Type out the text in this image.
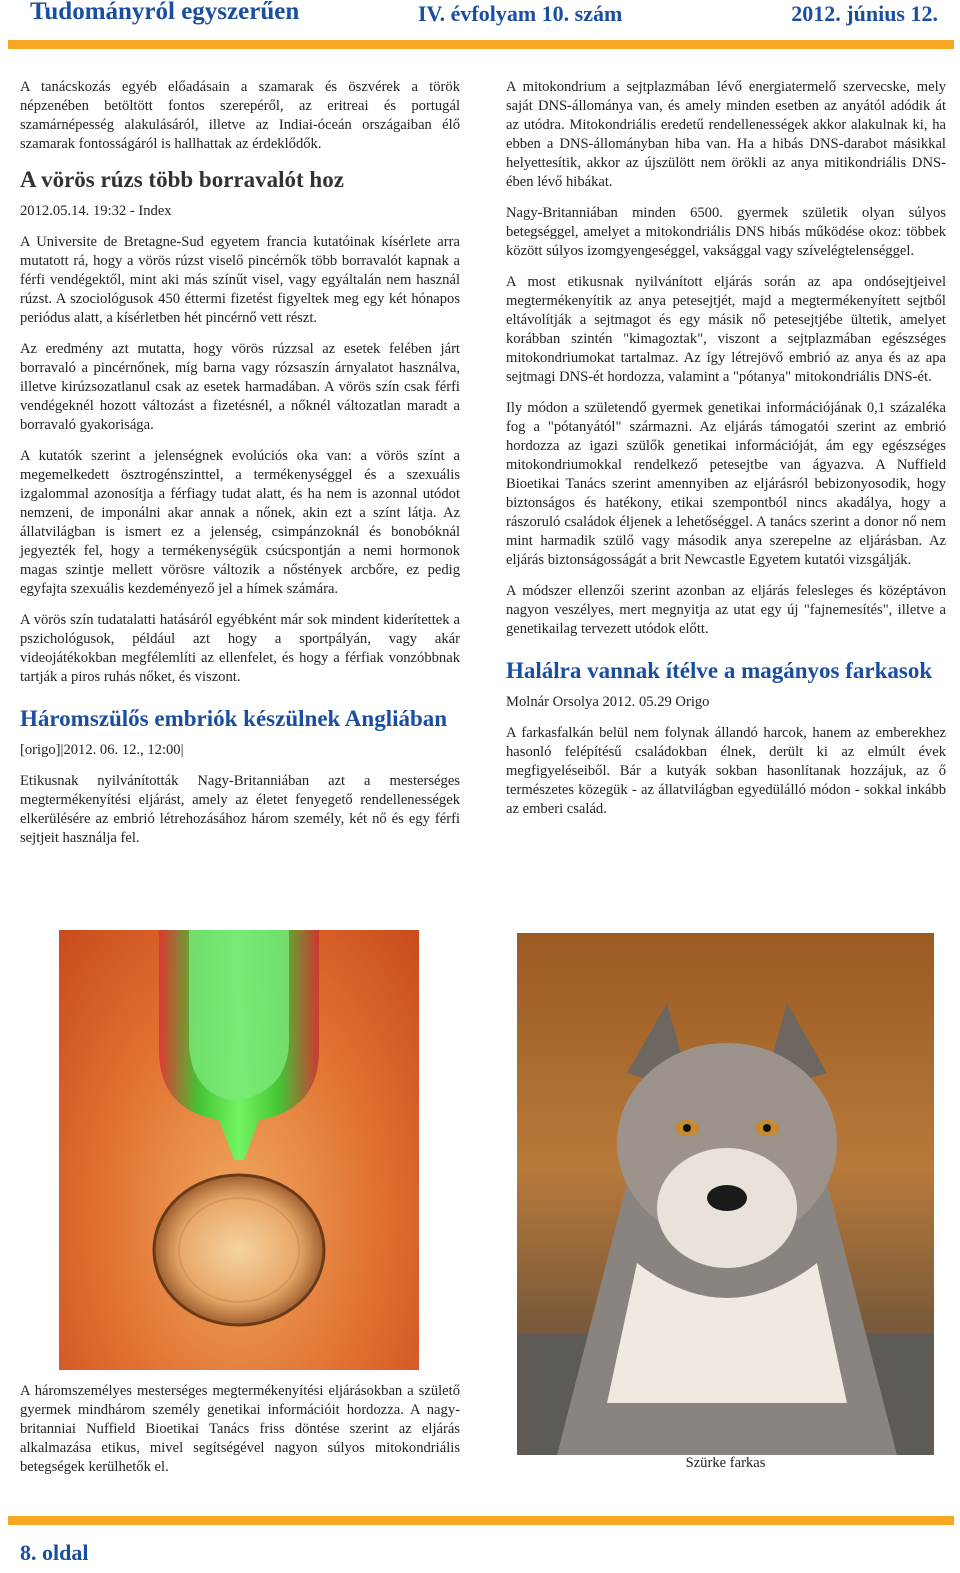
Tudományról egyszerűen	IV. évfolyam 10. szám	2012. június 12.

A tanácskozás egyéb előadásain a szamarak és öszvérek a török népzenében betöltött fontos szerepéről, az eritreai és portugál szamárnépesség alakulásáról, illetve az Indiai-óceán országaiban élő szamarak fontosságáról is hallhattak az érdeklődők.

A vörös rúzs több borravalót hoz
2012.05.14. 19:32 - Index

A Universite de Bretagne-Sud egyetem francia kutatóinak kísérlete arra mutatott rá, hogy a vörös rúzst viselő pincérnők több borravalót kapnak a férfi vendégektől, mint aki más színűt visel, vagy egyáltalán nem használ rúzst. A szociológusok 450 éttermi fizetést figyeltek meg egy két hónapos periódus alatt, a kísérletben hét pincérnő vett részt.

Az eredmény azt mutatta, hogy vörös rúzzsal az esetek felében járt borravaló a pincérnőnek, míg barna vagy rózsaszín árnyalatot használva, illetve kirúzsozatlanul csak az esetek harmadában. A vörös szín csak férfi vendégeknél hozott változást a fizetésnél, a nőknél változatlan maradt a borravaló gyakorisága.

A kutatók szerint a jelenségnek evolúciós oka van: a vörös színt a megemelkedett ösztrogénszinttel, a termékenységgel és a szexuális izgalommal azonosítja a férfiagy tudat alatt, és ha nem is azonnal utódot nemzeni, de imponálni akar annak a nőnek, akin ezt a színt látja. Az állatvilágban is ismert ez a jelenség, csimpánzoknál és bonobóknál jegyezték fel, hogy a termékenységük csúcspontján a nemi hormonok magas szintje mellett vörösre változik a nőstények arcbőre, ez pedig egyfajta szexuális kezdeményező jel a hímek számára.

A vörös szín tudatalatti hatásáról egyébként már sok mindent kiderítettek a pszichológusok, például azt hogy a sportpályán, vagy akár videojátékokban megfélemlíti az ellenfelet, és hogy a férfiak vonzóbbnak tartják a piros ruhás nőket, és viszont.

Háromszülős embriók készülnek Angliában
[origo]|2012. 06. 12., 12:00|

Etikusnak nyilvánították Nagy-Britanniában azt a mesterséges megtermékenyítési eljárást, amely az életet fenyegető rendellenességek elkerülésére az embrió létrehozásához három személy, két nő és egy férfi sejtjeit használja fel.

A háromszemélyes mesterséges megtermékenyítési eljárásokban a születő gyermek mindhárom személy genetikai információit hordozza. A nagy-britanniai Nuffield Bioetikai Tanács friss döntése szerint az eljárás alkalmazása etikus, mivel segítségével nagyon súlyos mitokondriális betegségek kerülhetők el.

A mitokondrium a sejtplazmában lévő energiatermelő szervecske, mely saját DNS-állománya van, és amely minden esetben az anyától adódik át az utódra. Mitokondriális eredetű rendellenességek akkor alakulnak ki, ha ebben a DNS-állományban hiba van. Ha a hibás DNS-darabot másikkal helyettesítik, akkor az újszülött nem örökli az anya mitikondriális DNS-ében lévő hibákat.

Nagy-Britanniában minden 6500. gyermek születik olyan súlyos betegséggel, amelyet a mitokondriális DNS hibás működése okoz: többek között súlyos izomgyengeséggel, vaksággal vagy szívelégtelenséggel.

A most etikusnak nyilvánított eljárás során az apa ondósejtjeivel megtermékenyítik az anya petesejtjét, majd a megtermékenyített sejtből eltávolítják a sejtmagot és egy másik nő petesejtjébe ültetik, amelyet korábban szintén "kimagoztak", viszont a sejtplazmában egészséges mitokondriumokat tartalmaz. Az így létrejövő embrió az anya és az apa sejtmagi DNS-ét hordozza, valamint a "pótanya" mitokondriális DNS-ét.

Ily módon a születendő gyermek genetikai információjának 0,1 százaléka fog a "pótanyától" származni. Az eljárás támogatói szerint az embrió hordozza az igazi szülők genetikai információját, ám egy egészséges mitokondriumokkal rendelkező petesejtbe van ágyazva. A Nuffield Bioetikai Tanács szerint amennyiben az eljárásról bebizonyosodik, hogy biztonságos és hatékony, etikai szempontból nincs akadálya, hogy a rászoruló családok éljenek a lehetőséggel. A tanács szerint a donor nő nem mint harmadik szülő vagy második anya szerepelne az eljárásban. Az eljárás biztonságosságát a brit Newcastle Egyetem kutatói vizsgálják.

A módszer ellenzői szerint azonban az eljárás felesleges és középtávon nagyon veszélyes, mert megnyitja az utat egy új "fajnemesítés", illetve a genetikailag tervezett utódok előtt.

Halálra vannak ítélve a magányos farkasok
Molnár Orsolya 2012. 05.29 Origo

A farkasfalkán belül nem folynak állandó harcok, hanem az emberekhez hasonló felépítésű családokban élnek, derült ki az elmúlt évek megfigyeléseiből. Bár a kutyák sokban hasonlítanak hozzájuk, az ő természetes közegük - az állatvilágban egyedülálló módon - sokkal inkább az emberi család.

Szürke farkas
8. oldal
